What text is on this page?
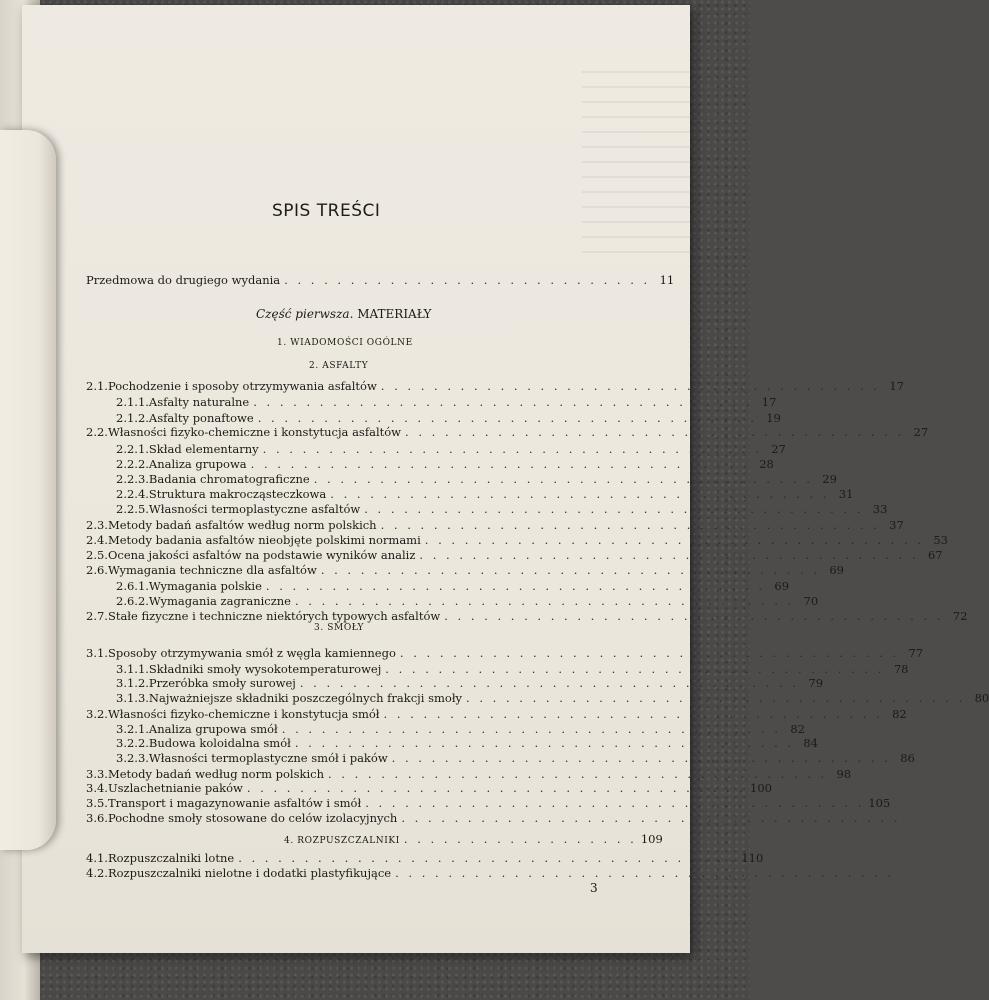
SPIS TREŚCI
Przedmowa do drugiego wydania . . . . . . . . . . . . . . . . . . . . . . . . . . . . 11
Część pierwsza. MATERIAŁY
1. WIADOMOŚCI OGÓLNE
2. ASFALTY
2.1. Pochodzenie i sposoby otrzymywania asfaltów . . . . . . . . . . . . . . . . . . . . . . . . . . . . . . . . . . . . . . 17
2.1.1. Asfalty naturalne . . . . . . . . . . . . . . . . . . . . . . . . . . . . . . . . . . . . . . 17
2.1.2. Asfalty ponaftowe . . . . . . . . . . . . . . . . . . . . . . . . . . . . . . . . . . . . . . 19
2.2. Własności fizyko-chemiczne i konstytucja asfaltów . . . . . . . . . . . . . . . . . . . . . . . . . . . . . . . . . . . . . . 27
2.2.1. Skład elementarny . . . . . . . . . . . . . . . . . . . . . . . . . . . . . . . . . . . . . . 27
2.2.2. Analiza grupowa . . . . . . . . . . . . . . . . . . . . . . . . . . . . . . . . . . . . . . 28
2.2.3. Badania chromatograficzne . . . . . . . . . . . . . . . . . . . . . . . . . . . . . . . . . . . . . . 29
2.2.4. Struktura makrocząsteczkowa . . . . . . . . . . . . . . . . . . . . . . . . . . . . . . . . . . . . . . 31
2.2.5. Własności termoplastyczne asfaltów . . . . . . . . . . . . . . . . . . . . . . . . . . . . . . . . . . . . . . 33
2.3. Metody badań asfaltów według norm polskich . . . . . . . . . . . . . . . . . . . . . . . . . . . . . . . . . . . . . . 37
2.4. Metody badania asfaltów nieobjęte polskimi normami . . . . . . . . . . . . . . . . . . . . . . . . . . . . . . . . . . . . . . 53
2.5. Ocena jakości asfaltów na podstawie wyników analiz . . . . . . . . . . . . . . . . . . . . . . . . . . . . . . . . . . . . . . 67
2.6. Wymagania techniczne dla asfaltów . . . . . . . . . . . . . . . . . . . . . . . . . . . . . . . . . . . . . . 69
2.6.1. Wymagania polskie . . . . . . . . . . . . . . . . . . . . . . . . . . . . . . . . . . . . . . 69
2.6.2. Wymagania zagraniczne . . . . . . . . . . . . . . . . . . . . . . . . . . . . . . . . . . . . . . 70
2.7. Stałe fizyczne i techniczne niektórych typowych asfaltów . . . . . . . . . . . . . . . . . . . . . . . . . . . . . . . . . . . . . . 72
3.1. Sposoby otrzymywania smół z węgla kamiennego . . . . . . . . . . . . . . . . . . . . . . . . . . . . . . . . . . . . . . 77
3.1.1. Składniki smoły wysokotemperaturowej . . . . . . . . . . . . . . . . . . . . . . . . . . . . . . . . . . . . . . 78
3.1.2. Przeróbka smoły surowej . . . . . . . . . . . . . . . . . . . . . . . . . . . . . . . . . . . . . . 79
3.1.3. Najważniejsze składniki poszczególnych frakcji smoły . . . . . . . . . . . . . . . . . . . . . . . . . . . . . . . . . . . . . . 80
3.2. Własności fizyko-chemiczne i konstytucja smół . . . . . . . . . . . . . . . . . . . . . . . . . . . . . . . . . . . . . . 82
3.2.1. Analiza grupowa smół . . . . . . . . . . . . . . . . . . . . . . . . . . . . . . . . . . . . . . 82
3.2.2. Budowa koloidalna smół . . . . . . . . . . . . . . . . . . . . . . . . . . . . . . . . . . . . . . 84
3.2.3. Własności termoplastyczne smół i paków . . . . . . . . . . . . . . . . . . . . . . . . . . . . . . . . . . . . . . 86
3.3. Metody badań według norm polskich . . . . . . . . . . . . . . . . . . . . . . . . . . . . . . . . . . . . . . 98
3.4. Uszlachetnianie paków . . . . . . . . . . . . . . . . . . . . . . . . . . . . . . . . . . . . . . 100
3.5. Transport i magazynowanie asfaltów i smół . . . . . . . . . . . . . . . . . . . . . . . . . . . . . . . . . . . . . . 105
3.6. Pochodne smoły stosowane do celów izolacyjnych . . . . . . . . . . . . . . . . . . . . . . . . . . . . . . . . . . . . . .
4.1. Rozpuszczalniki lotne . . . . . . . . . . . . . . . . . . . . . . . . . . . . . . . . . . . . . . 110
4.2. Rozpuszczalniki nielotne i dodatki plastyfikujące . . . . . . . . . . . . . . . . . . . . . . . . . . . . . . . . . . . . . .
3. SMOŁY
4. ROZPUSZCZALNIKI . . . . . . . . . . . . . . . . . . 109
3
